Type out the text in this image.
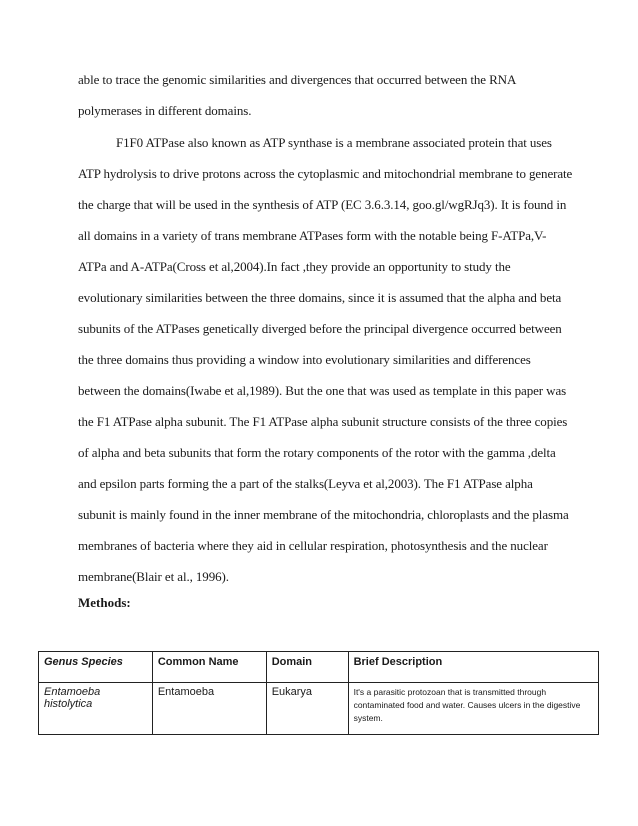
able to trace the genomic similarities and divergences that occurred between the RNA
polymerases in different domains.
F1F0 ATPase also known as ATP synthase is a membrane associated protein that uses
ATP hydrolysis to drive protons across the cytoplasmic and mitochondrial membrane to generate
the charge that will be used in the synthesis of ATP (EC 3.6.3.14, goo.gl/wgRJq3). It is found in
all domains in a variety of trans membrane ATPases form with the notable being F-ATPa,V-
ATPa and A-ATPa(Cross et al,2004).In fact ,they provide an opportunity to study the
evolutionary similarities between the three domains, since it is assumed that the alpha and beta
subunits of the ATPases genetically diverged before the principal divergence occurred between
the three domains thus providing a window into evolutionary similarities and differences
between the domains(Iwabe et al,1989). But the one that was used as template in this paper was
the F1 ATPase alpha subunit. The F1 ATPase alpha subunit structure consists of the three copies
of alpha and beta subunits that form the rotary components of the rotor with the gamma ,delta
and epsilon parts forming the a part of the stalks(Leyva et al,2003). The F1 ATPase alpha
subunit is mainly found in the inner membrane of the mitochondria, chloroplasts and the plasma
membranes of bacteria where they aid in cellular respiration, photosynthesis and the nuclear
membrane(Blair et al., 1996).
Methods:
Genus Species	Common Name	Domain	Brief Description
Entamoeba histolytica	Entamoeba	Eukarya	It's a parasitic protozoan that is transmitted through contaminated food and water. Causes ulcers in the digestive system.
